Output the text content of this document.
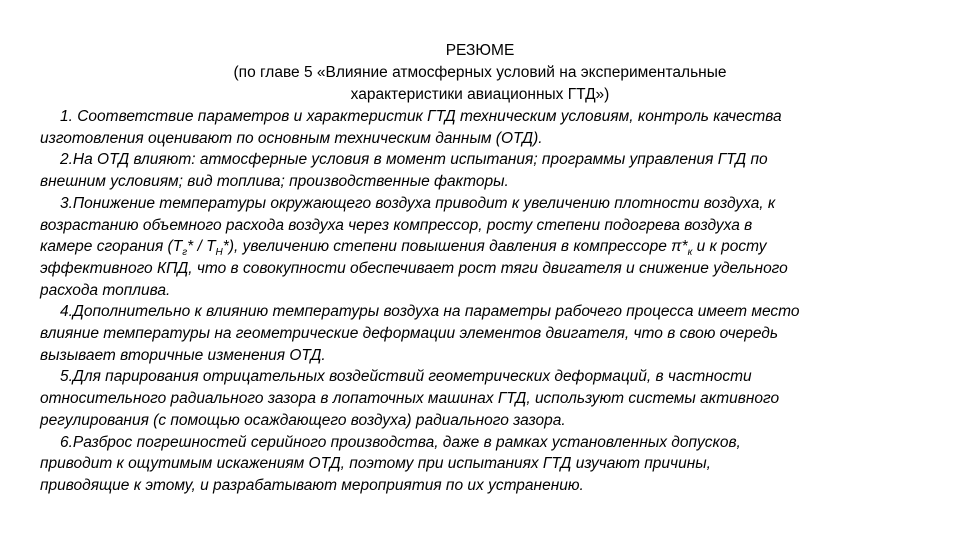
РЕЗЮМЕ
(по главе 5 «Влияние атмосферных условий на экспериментальные
характеристики авиационных ГТД»)
1. Соответствие параметров и характеристик ГТД техническим условиям, контроль качества
изготовления оценивают по основным техническим данным (ОТД).
2.На ОТД влияют: атмосферные условия в момент испытания; программы управления ГТД по
внешним условиям; вид топлива; производственные факторы.
3.Понижение температуры окружающего воздуха приводит к увеличению плотности воздуха, к
возрастанию объемного расхода воздуха через компрессор, росту степени подогрева воздуха в
камере сгорания $(T_г* / T_Н*)$, увеличению степени повышения давления в компрессоре $\pi*_к$ и к росту
эффективного КПД, что в совокупности обеспечивает рост тяги двигателя и снижение удельного
расхода топлива.
4.Дополнительно к влиянию температуры воздуха на параметры рабочего процесса имеет место
влияние температуры на геометрические деформации элементов двигателя, что в свою очередь
вызывает вторичные изменения ОТД.
5.Для парирования отрицательных воздействий геометрических деформаций, в частности
относительного радиального зазора в лопаточных машинах ГТД, используют системы активного
регулирования (с помощью осаждающего воздуха) радиального зазора.
6.Разброс погрешностей серийного производства, даже в рамках установленных допусков,
приводит к ощутимым искажениям ОТД, поэтому при испытаниях ГТД изучают причины,
приводящие к этому, и разрабатывают мероприятия по их устранению.
